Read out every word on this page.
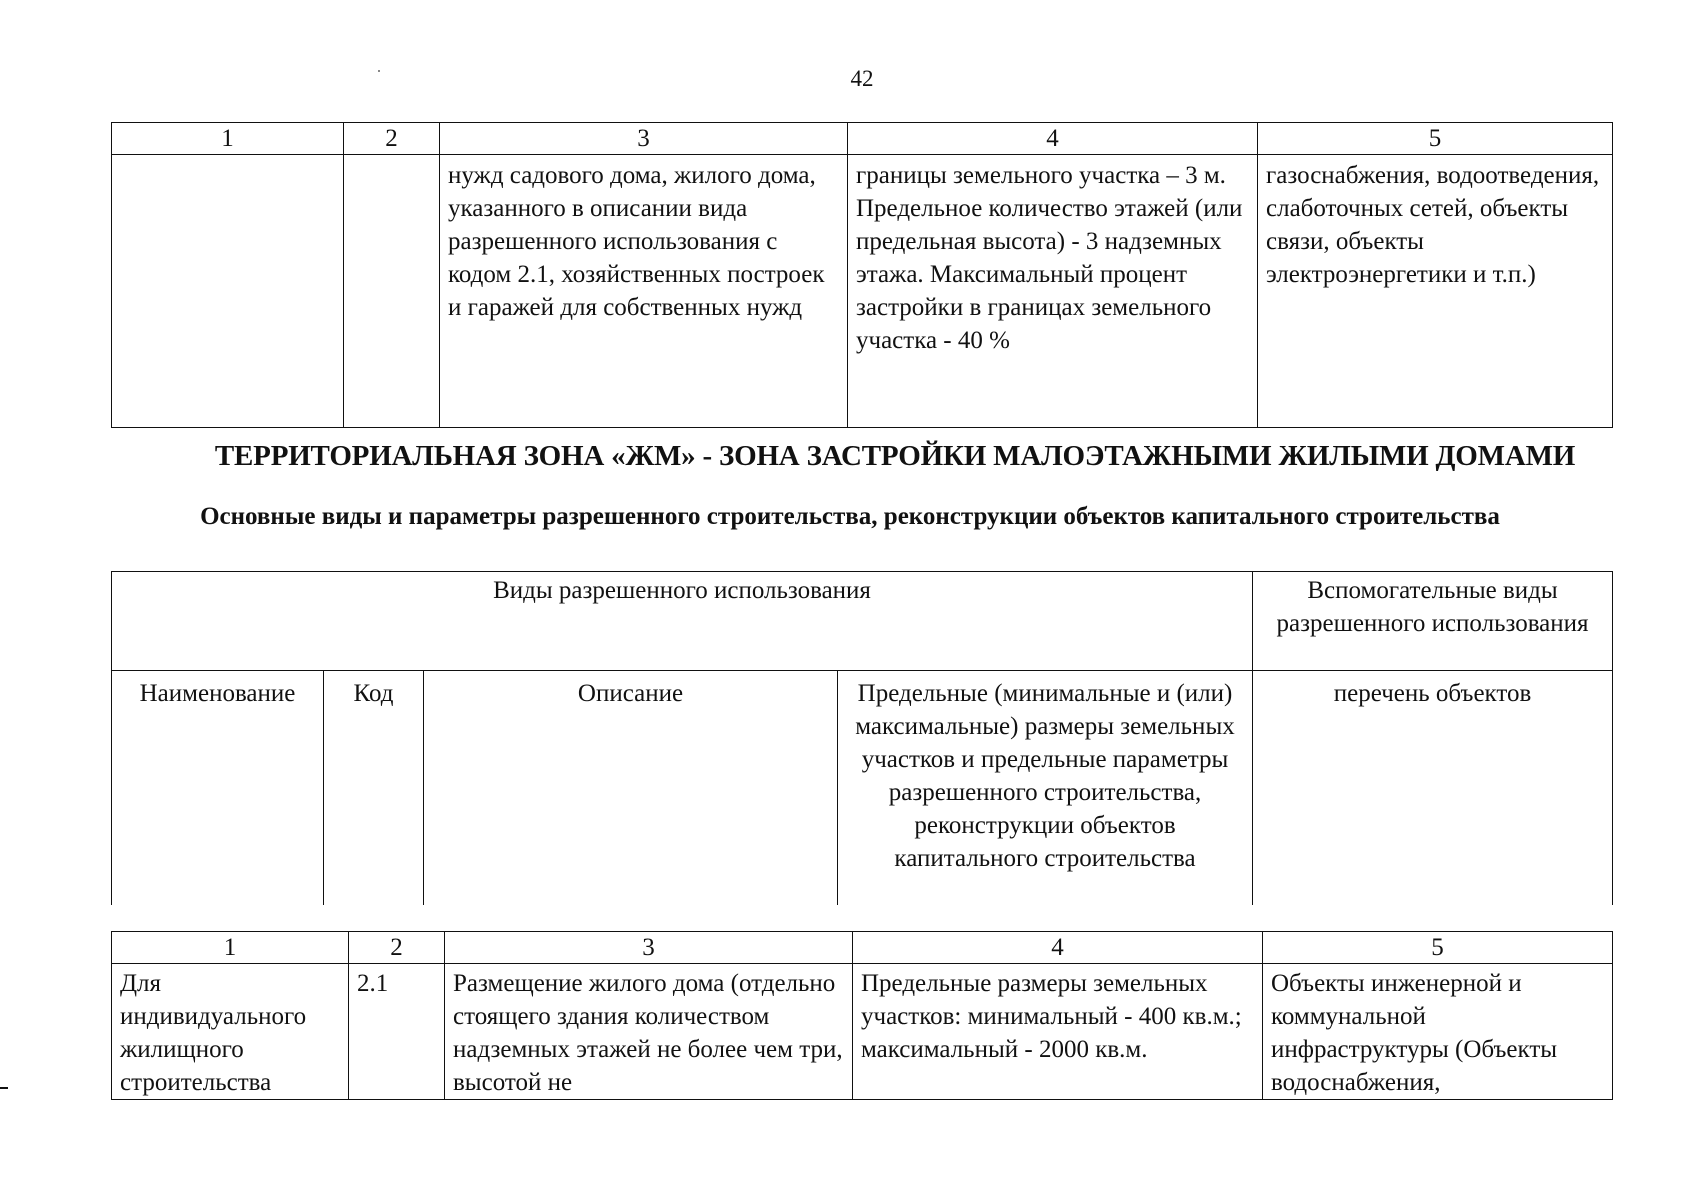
42
1	2	3	4	5
		нужд садового дома, жилого дома, указанного в описании вида разрешенного использования с кодом 2.1, хозяйственных построек и гаражей для собственных нужд	границы земельного участка – 3 м. Предельное количество этажей (или предельная высота) - 3 надземных этажа. Максимальный процент застройки в границах земельного участка - 40 %	газоснабжения, водоотведения, слаботочных сетей, объекты связи, объекты электроэнергетики и т.п.)
ТЕРРИТОРИАЛЬНАЯ ЗОНА «ЖМ» - ЗОНА ЗАСТРОЙКИ МАЛОЭТАЖНЫМИ ЖИЛЫМИ ДОМАМИ
Основные виды и параметры разрешенного строительства, реконструкции объектов капитального строительства
Виды разрешенного использования				Вспомогательные виды разрешенного использования
Наименование	Код	Описание	Предельные (минимальные и (или) максимальные) размеры земельных участков и предельные параметры разрешенного строительства, реконструкции объектов капитального строительства	перечень объектов
1	2	3	4	5
Для индивидуального жилищного строительства	2.1	Размещение жилого дома (отдельно стоящего здания количеством надземных этажей не более чем три, высотой не	Предельные размеры земельных участков: минимальный - 400 кв.м.; максимальный - 2000 кв.м.	Объекты инженерной и коммунальной инфраструктуры (Объекты водоснабжения,
